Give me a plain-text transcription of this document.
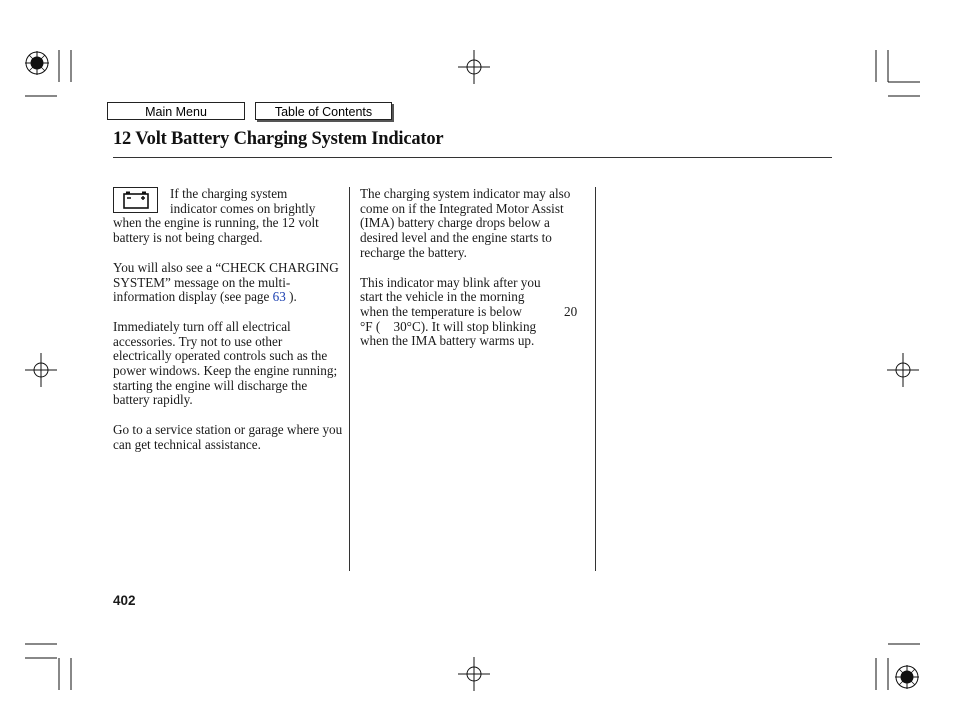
Main Menu	Table of Contents
12 Volt Battery Charging System Indicator
If the charging system
indicator comes on brightly

when the engine is running, the 12 volt battery is not being charged.

You will also see a “CHECK CHARGING SYSTEM” message on the multi-information display (see page 63 ).

Immediately turn off all electrical accessories. Try not to use other electrically operated controls such as the power windows. Keep the engine running; starting the engine will discharge the battery rapidly.

Go to a service station or garage where you can get technical assistance.

The charging system indicator may also come on if the Integrated Motor Assist (IMA) battery charge drops below a desired level and the engine starts to recharge the battery.

This indicator may blink after you
start the vehicle in the morning
when the temperature is below	20
°F (    30°C). It will stop blinking
when the IMA battery warms up.
402
